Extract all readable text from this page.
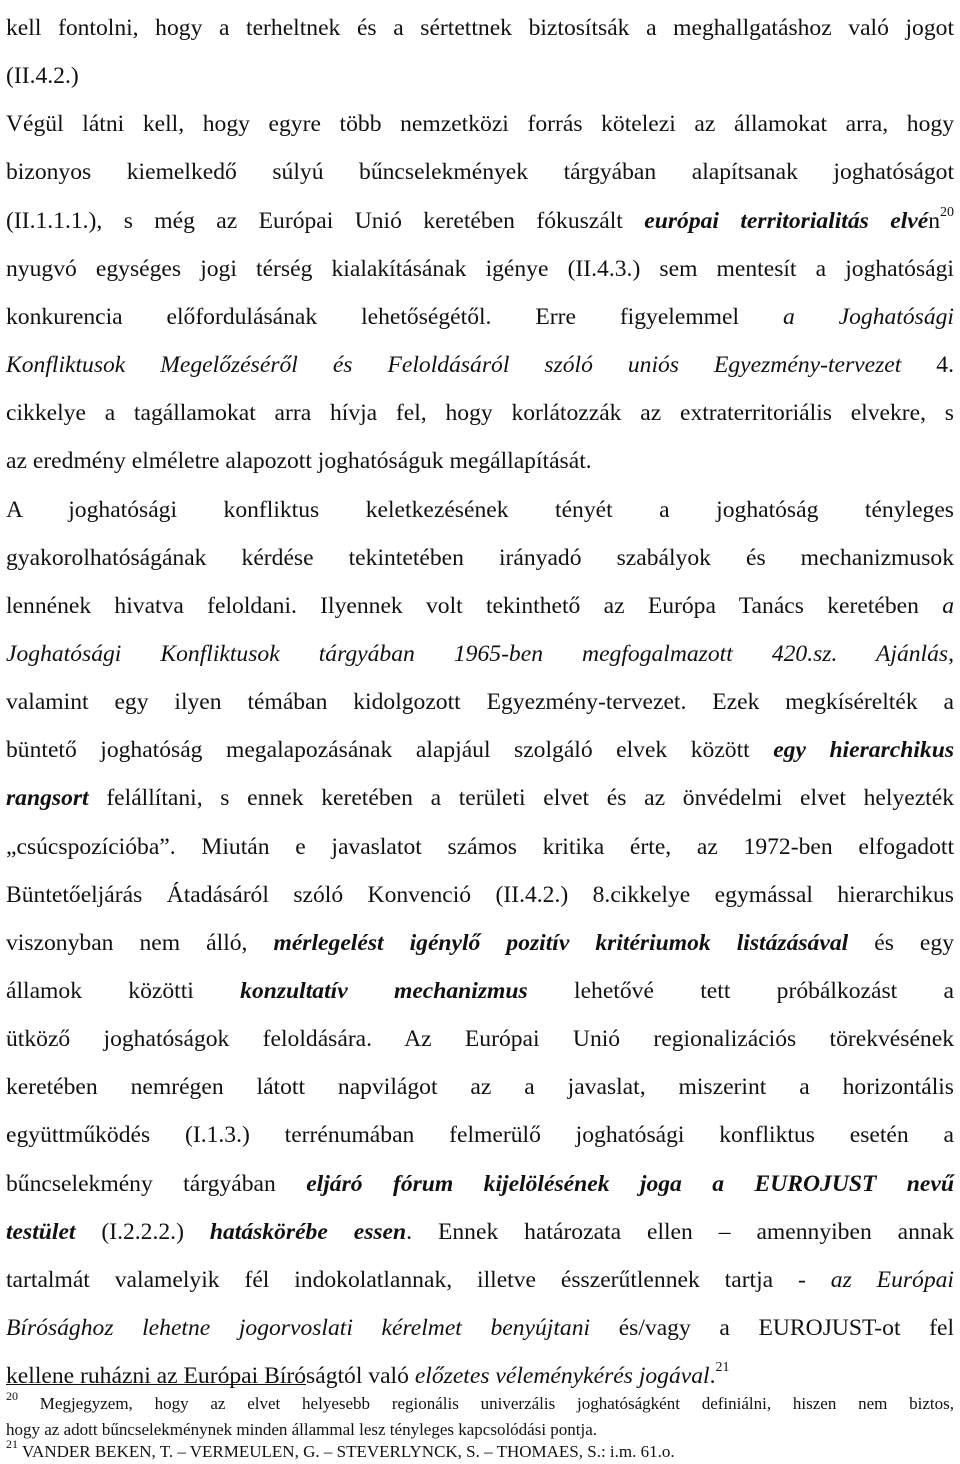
kell fontolni, hogy a terheltnek és a sértettnek biztosítsák a meghallgatáshoz való jogot
(II.4.2.)
Végül látni kell, hogy egyre több nemzetközi forrás kötelezi az államokat arra, hogy
bizonyos kiemelkedő súlyú bűncselekmények tárgyában alapítsanak joghatóságot
(II.1.1.1.), s még az Európai Unió keretében fókuszált európai territorialitás elvén$^{20}$
nyugvó egységes jogi térség kialakításának igénye (II.4.3.) sem mentesít a joghatósági
konkurencia előfordulásának lehetőségétől. Erre figyelemmel a Joghatósági
Konfliktusok Megelőzéséről és Feloldásáról szóló uniós Egyezmény-tervezet 4.
cikkelye a tagállamokat arra hívja fel, hogy korlátozzák az extraterritoriális elvekre, s
az eredmény elméletre alapozott joghatóságuk megállapítását.
A joghatósági konfliktus keletkezésének tényét a joghatóság tényleges
gyakorolhatóságának kérdése tekintetében irányadó szabályok és mechanizmusok
lennének hivatva feloldani. Ilyennek volt tekinthető az Európa Tanács keretében a
Joghatósági Konfliktusok tárgyában 1965-ben megfogalmazott 420.sz. Ajánlás,
valamint egy ilyen témában kidolgozott Egyezmény-tervezet. Ezek megkísérelték a
büntető joghatóság megalapozásának alapjául szolgáló elvek között egy hierarchikus
rangsort felállítani, s ennek keretében a területi elvet és az önvédelmi elvet helyezték
„csúcspozícióba”. Miután e javaslatot számos kritika érte, az 1972-ben elfogadott
Büntetőeljárás Átadásáról szóló Konvenció (II.4.2.) 8.cikkelye egymással hierarchikus
viszonyban nem álló, mérlegelést igénylő pozitív kritériumok listázásával és egy
államok közötti konzultatív mechanizmus lehetővé tett próbálkozást a
ütköző joghatóságok feloldására. Az Európai Unió regionalizációs törekvésének
keretében nemrégen látott napvilágot az a javaslat, miszerint a horizontális
együttműködés (I.1.3.) terrénumában felmerülő joghatósági konfliktus esetén a
bűncselekmény tárgyában eljáró fórum kijelölésének joga a EUROJUST nevű
testület (I.2.2.2.) hatáskörébe essen. Ennek határozata ellen – amennyiben annak
tartalmát valamelyik fél indokolatlannak, illetve ésszerűtlennek tartja - az Európai
Bírósághoz lehetne jogorvoslati kérelmet benyújtani és/vagy a EUROJUST-ot fel
kellene ruházni az Európai Bíróságtól való előzetes véleménykérés jogával.$^{21}$
$^{20}$ Megjegyzem, hogy az elvet helyesebb regionális univerzális joghatóságként definiálni, hiszen nem biztos,
hogy az adott bűncselekménynek minden állammal lesz tényleges kapcsolódási pontja.
$^{21}$ VANDER BEKEN, T. – VERMEULEN, G. – STEVERLYNCK, S. – THOMAES, S.: i.m. 61.o.
